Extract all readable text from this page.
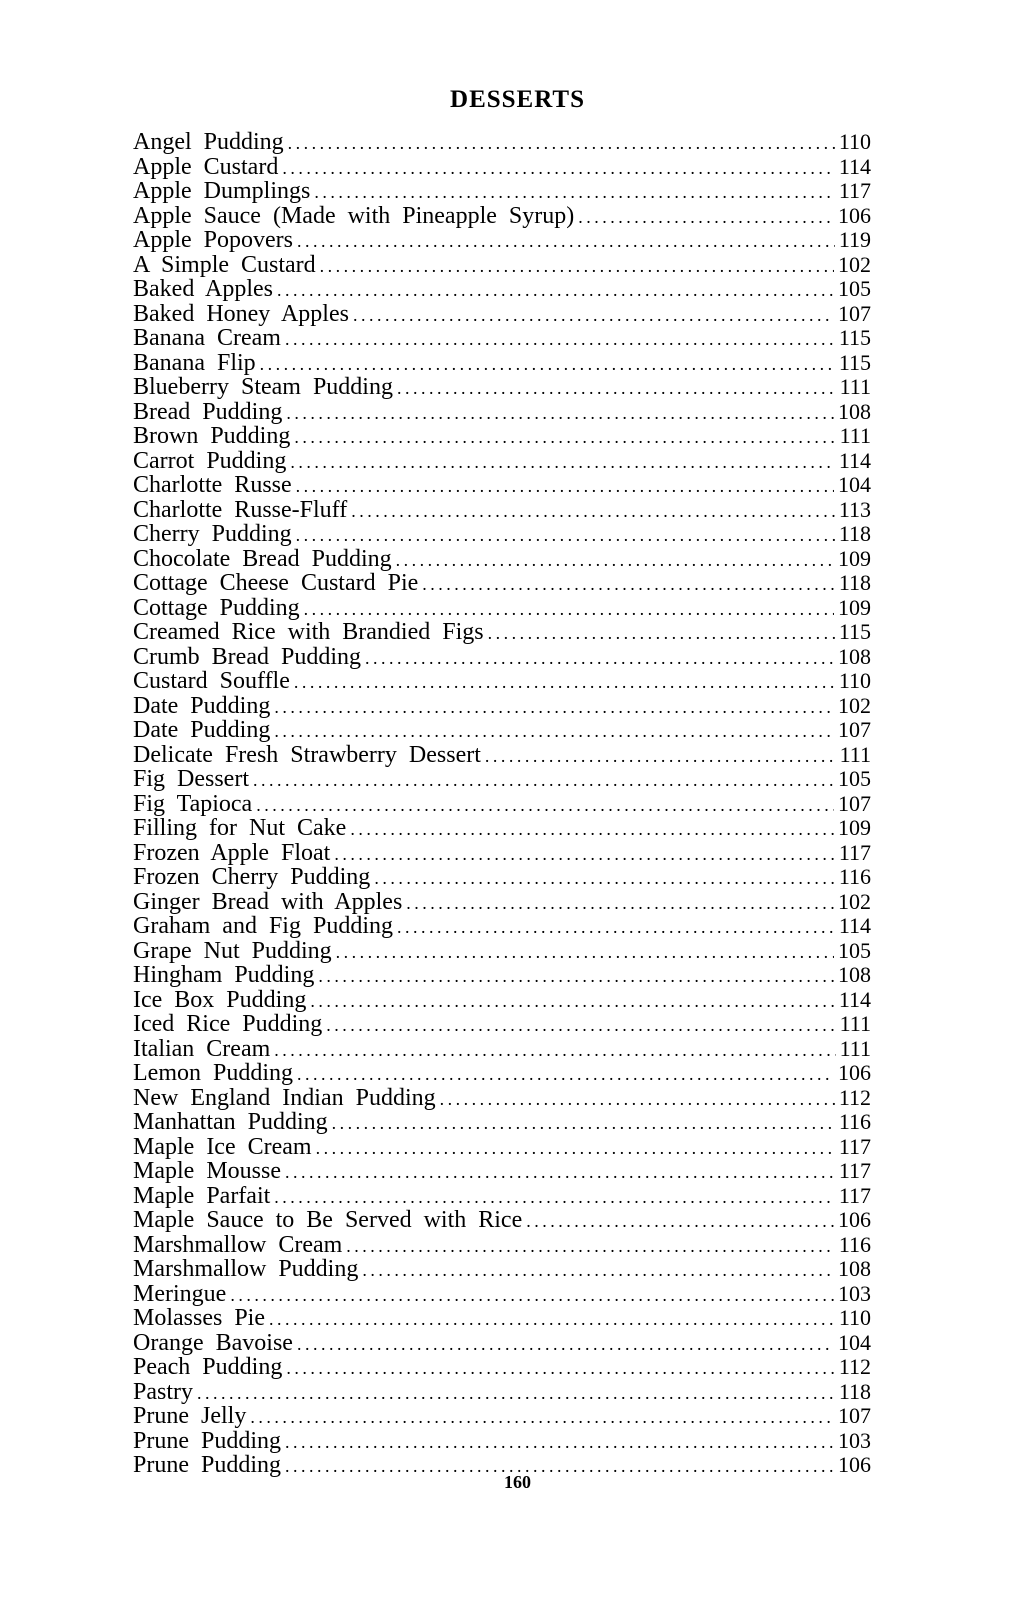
DESSERTS
Angel Pudding .....	110
Apple Custard .....	114
Apple Dumplings .....	117
Apple Sauce (Made with Pineapple Syrup) .....	106
Apple Popovers .....	119
A Simple Custard .....	102
Baked Apples .....	105
Baked Honey Apples .....	107
Banana Cream .....	115
Banana Flip .....	115
Blueberry Steam Pudding .....	111
Bread Pudding .....	108
Brown Pudding .....	111
Carrot Pudding .....	114
Charlotte Russe .....	104
Charlotte Russe-Fluff .....	113
Cherry Pudding .....	118
Chocolate Bread Pudding .....	109
Cottage Cheese Custard Pie .....	118
Cottage Pudding .....	109
Creamed Rice with Brandied Figs .....	115
Crumb Bread Pudding .....	108
Custard Souffle .....	110
Date Pudding .....	102
Date Pudding .....	107
Delicate Fresh Strawberry Dessert .....	111
Fig Dessert .....	105
Fig Tapioca .....	107
Filling for Nut Cake .....	109
Frozen Apple Float .....	117
Frozen Cherry Pudding .....	116
Ginger Bread with Apples .....	102
Graham and Fig Pudding .....	114
Grape Nut Pudding .....	105
Hingham Pudding .....	108
Ice Box Pudding .....	114
Iced Rice Pudding .....	111
Italian Cream .....	111
Lemon Pudding .....	106
New England Indian Pudding .....	112
Manhattan Pudding .....	116
Maple Ice Cream .....	117
Maple Mousse .....	117
Maple Parfait .....	117
Maple Sauce to Be Served with Rice .....	106
Marshmallow Cream .....	116
Marshmallow Pudding .....	108
Meringue .....	103
Molasses Pie .....	110
Orange Bavoise .....	104
Peach Pudding .....	112
Pastry .....	118
Prune Jelly .....	107
Prune Pudding .....	103
Prune Pudding .....	106
160
